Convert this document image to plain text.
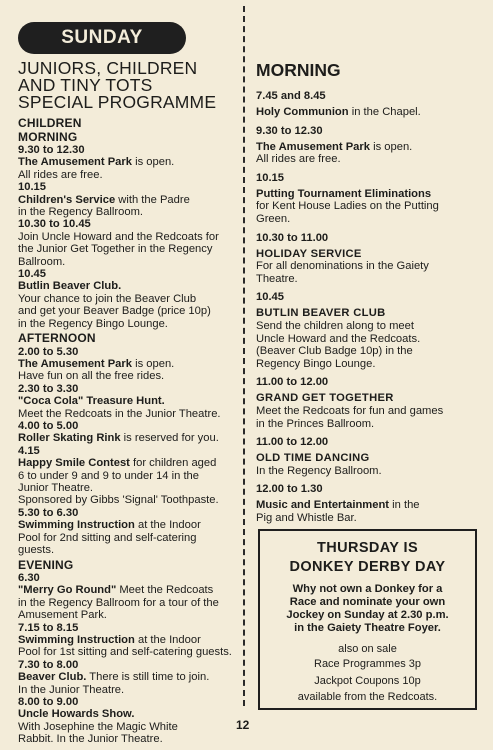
SUNDAY
JUNIORS, CHILDREN
AND TINY TOTS
SPECIAL PROGRAMME
CHILDREN
MORNING
9.30 to 12.30
The Amusement Park is open.
All rides are free.
10.15
Children's Service with the Padre
in the Regency Ballroom.
10.30 to 10.45
Join Uncle Howard and the Redcoats for
the Junior Get Together in the Regency
Ballroom.
10.45
Butlin Beaver Club.
Your chance to join the Beaver Club
and get your Beaver Badge (price 10p)
in the Regency Bingo Lounge.
AFTERNOON
2.00 to 5.30
The Amusement Park is open.
Have fun on all the free rides.
2.30 to 3.30
"Coca Cola" Treasure Hunt.
Meet the Redcoats in the Junior Theatre.
4.00 to 5.00
Roller Skating Rink is reserved for you.
4.15
Happy Smile Contest for children aged
6 to under 9 and 9 to under 14 in the
Junior Theatre.
Sponsored by Gibbs 'Signal' Toothpaste.
5.30 to 6.30
Swimming Instruction at the Indoor
Pool for 2nd sitting and self-catering
guests.
EVENING
6.30
"Merry Go Round" Meet the Redcoats
in the Regency Ballroom for a tour of the
Amusement Park.
7.15 to 8.15
Swimming Instruction at the Indoor
Pool for 1st sitting and self-catering guests.
7.30 to 8.00
Beaver Club. There is still time to join.
In the Junior Theatre.
8.00 to 9.00
Uncle Howards Show.
With Josephine the Magic White
Rabbit. In the Junior Theatre.
MORNING
7.45 and 8.45
Holy Communion in the Chapel.
9.30 to 12.30
The Amusement Park is open.
All rides are free.
10.15
Putting Tournament Eliminations
for Kent House Ladies on the Putting
Green.
10.30 to 11.00
HOLIDAY SERVICE
For all denominations in the Gaiety
Theatre.
10.45
BUTLIN BEAVER CLUB
Send the children along to meet
Uncle Howard and the Redcoats.
(Beaver Club Badge 10p) in the
Regency Bingo Lounge.
11.00 to 12.00
GRAND GET TOGETHER
Meet the Redcoats for fun and games
in the Princes Ballroom.
11.00 to 12.00
OLD TIME DANCING
In the Regency Ballroom.
12.00 to 1.30
Music and Entertainment in the
Pig and Whistle Bar.
THURSDAY IS
DONKEY DERBY DAY
Why not own a Donkey for a
Race and nominate your own
Jockey on Sunday at 2.30 p.m.
in the Gaiety Theatre Foyer.
also on sale
Race Programmes 3p
Jackpot Coupons 10p
available from the Redcoats.
12
